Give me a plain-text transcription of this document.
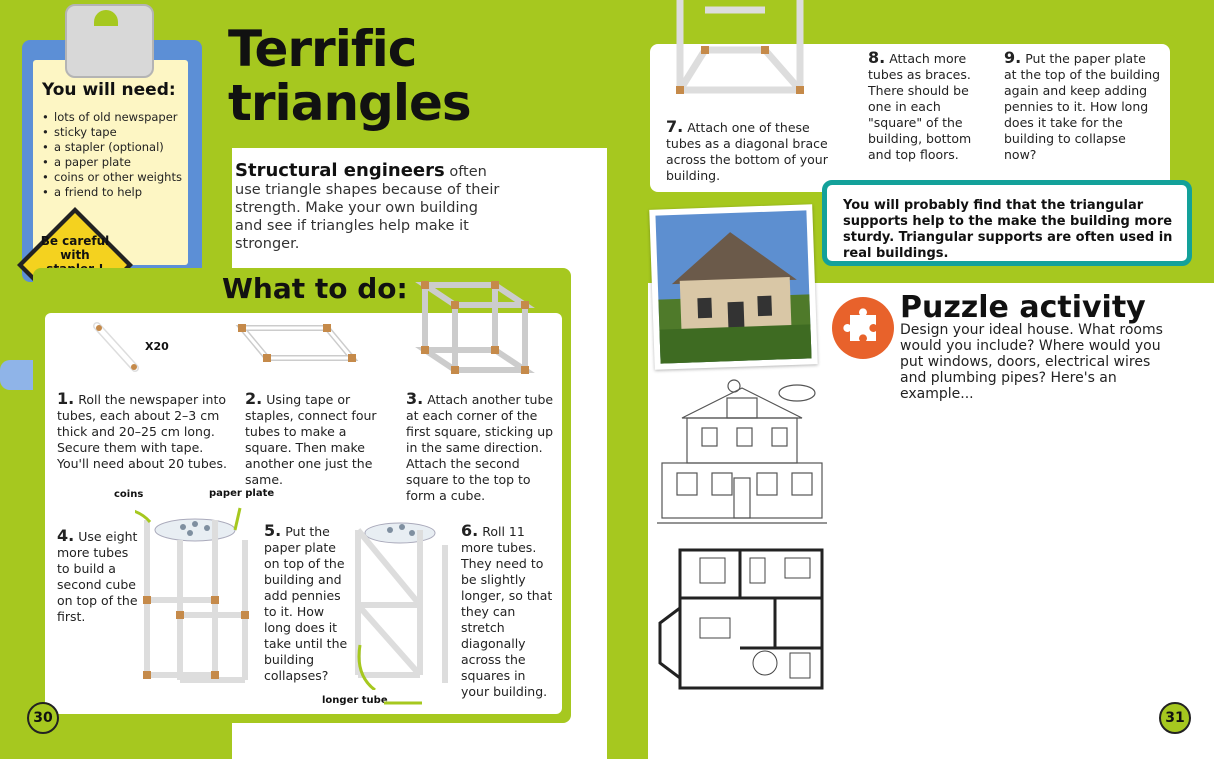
You will need:
• lots of old newspaper
• sticky tape
• a stapler (optional)
• a paper plate
• coins or other weights
• a friend to help
Be careful with
Terrific
triangles
Structural engineers often use triangle shapes because of their strength. Make your own building and see if triangles help make it stronger.
What to do:
X20
1. Roll the newspaper into tubes, each about 2–3 cm thick and 20–25 cm long. Secure them with tape. You'll need about 20 tubes.
2. Using tape or staples, connect four tubes to make a square. Then make another one just the same.
3. Attach another tube at each corner of the first square, sticking up in the same direction. Attach the second square to the top to form a cube.
coins	paper plate
4. Use eight more tubes to build a second cube on top of the first.
5. Put the paper plate on top of the building and add pennies to it. How long does it take until the building collapses?
longer tube
6. Roll 11 more tubes. They need to be slightly longer, so that they can stretch diagonally across the squares in your building.
30
7. Attach one of these tubes as a diagonal brace across the bottom of your building.
8. Attach more tubes as braces. There should be one in each "square" of the building, bottom and top floors.
9. Put the paper plate at the top of the building again and keep adding pennies to it. How long does it take for the building to collapse now?
You will probably find that the triangular supports help to the make the building more sturdy. Triangular supports are often used in real buildings.
Puzzle activity
Design your ideal house. What rooms would you include? Where would you put windows, doors, electrical wires and plumbing pipes? Here's an example...
31
